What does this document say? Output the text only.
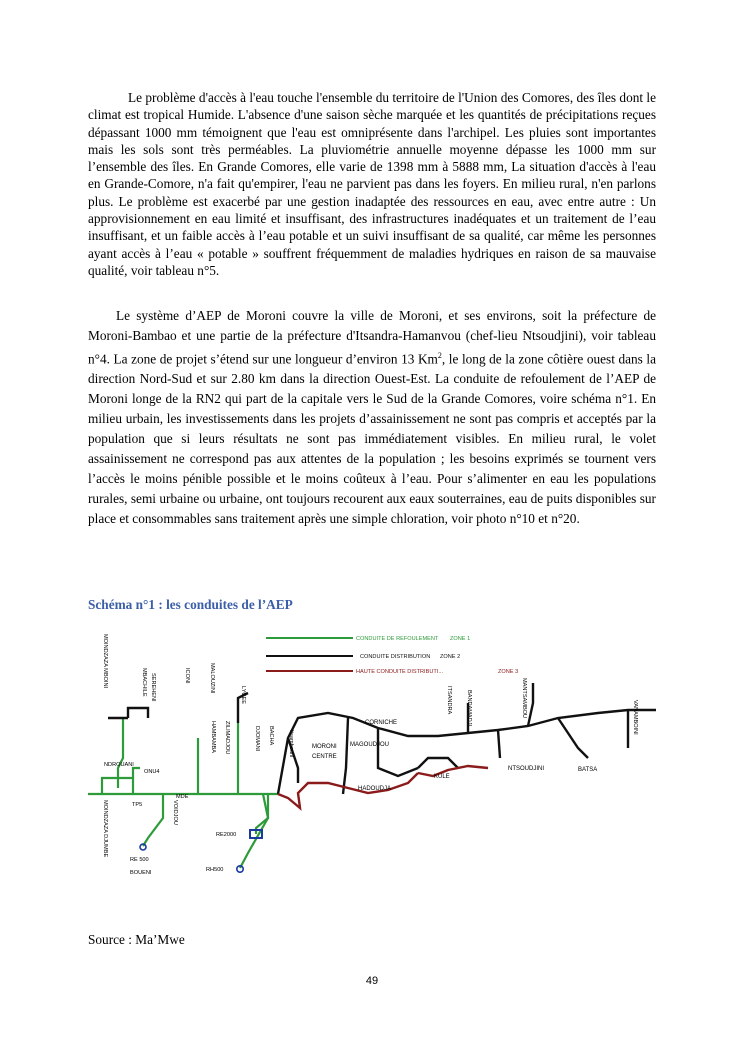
Le problème d'accès à l'eau touche l'ensemble du territoire de l'Union des Comores, des îles dont le climat est tropical Humide. L'absence d'une saison sèche marquée et les quantités de précipitations reçues dépassant 1000 mm témoignent que l'eau est omniprésente dans l'archipel. Les pluies sont importantes mais les sols sont très perméables. La pluviométrie annuelle moyenne dépasse les 1000 mm sur l’ensemble des îles. En Grande Comores, elle varie de 1398 mm à 5888 mm, La situation d'accès à l'eau en Grande-Comore, n'a fait qu'empirer, l'eau ne parvient pas dans les foyers. En milieu rural, n'en parlons plus. Le problème est exacerbé par une gestion inadaptée des ressources en eau, avec entre autre : Un approvisionnement en eau limité et insuffisant, des infrastructures inadéquates et un traitement de l’eau insuffisant, et un faible accès à l’eau potable et un suivi insuffisant de sa qualité, car même les personnes ayant accès à l’eau « potable » souffrent fréquemment de maladies hydriques en raison de sa mauvaise qualité, voir tableau n°5.

Le système d’AEP de Moroni couvre la ville de Moroni, et ses environs, soit la préfecture de Moroni-Bambao et une partie de la préfecture d'Itsandra-Hamanvou (chef-lieu Ntsoudjini), voir tableau n°4. La zone de projet s’étend sur une longueur d’environ 13 Km$^2$, le long de la zone côtière ouest dans la direction Nord-Sud et sur 2.80 km dans la direction Ouest-Est. La conduite de refoulement de l’AEP de Moroni longe de la RN2 qui part de la capitale vers le Sud de la Grande Comores, voire schéma n°1. En milieu urbain, les investissements dans les projets d’assainissement ne sont pas compris et acceptés par la population que si leurs résultats ne sont pas immédiatement visibles. En milieu rural, le volet assainissement ne correspond pas aux attentes de la population ; les besoins exprimés se tournent vers l’accès le moins pénible possible et le moins coûteux à l’eau. Pour s’alimenter en eau les populations rurales, semi urbaine ou urbaine, ont toujours recourent aux eaux souterraines, eau de puits disponibles sur place et consommables sans traitement après une simple chloration, voir photo n°10 et n°20.

Schéma n°1 : les conduites de l’AEP

CONDUITE DE REFOULEMENT ZONE 1
CONDUITE DISTRIBUTION ZONE 2
HAUTE CONDUITE DISTRIBUTI...	ZONE 3
MOINDZAZA MBOINI	MBACHILE SEREHENI	ICONI	MALOUZINI
HAMBAMBA ZILIMADJOU
LYCEE
DJOMANI BACHA	Itsambouni	MORONI
CENTRE
MAGOUDJOU
CORNICHE
ITSANDRA	BANDAMADJI
NTSOUDJINI
MANTSAMBOU
BATSA
VANAMBOINI
HADOUDJA
KULE
NDROUANI
ONU4
VOIDJOU
MOINDZAZA DJUMBE	TP5
MDE
RE2000
RH500
RE 500
BOUENI

Source : Ma’Mwe

49
